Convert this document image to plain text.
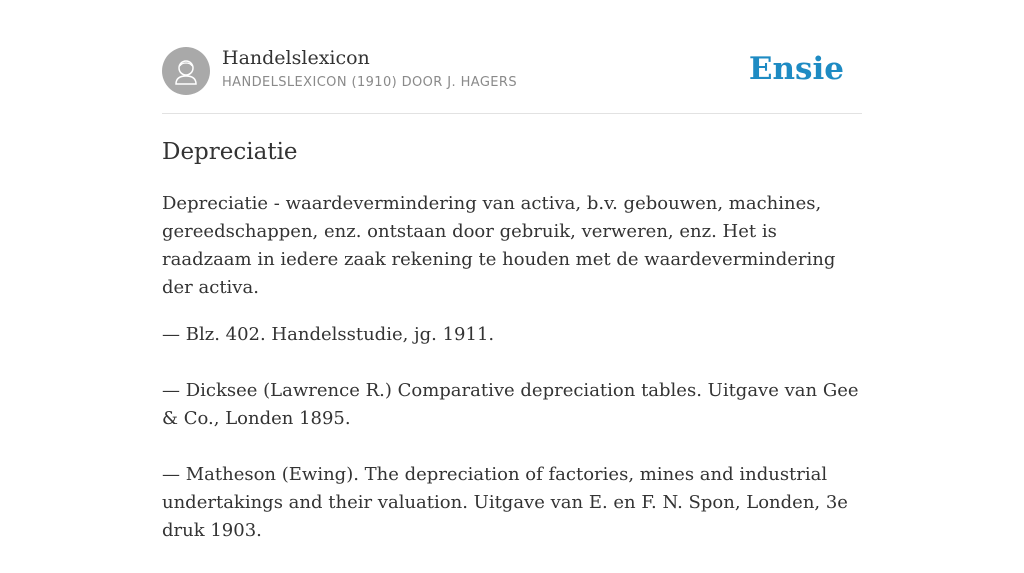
Handelslexicon
HANDELSLEXICON (1910) DOOR J. HAGERS	Ensie
Depreciatie

Depreciatie - waardevermindering van activa, b.v. gebouwen, machines, gereedschappen, enz. ontstaan door gebruik, verweren, enz. Het is raadzaam in iedere zaak rekening te houden met de waardevermindering der activa.

— Blz. 402. Handelsstudie, jg. 1911.

— Dicksee (Lawrence R.) Comparative depreciation tables. Uitgave van Gee & Co., Londen 1895.

— Matheson (Ewing). The depreciation of factories, mines and industrial undertakings and their valuation. Uitgave van E. en F. N. Spon, Londen, 3e druk 1903.
